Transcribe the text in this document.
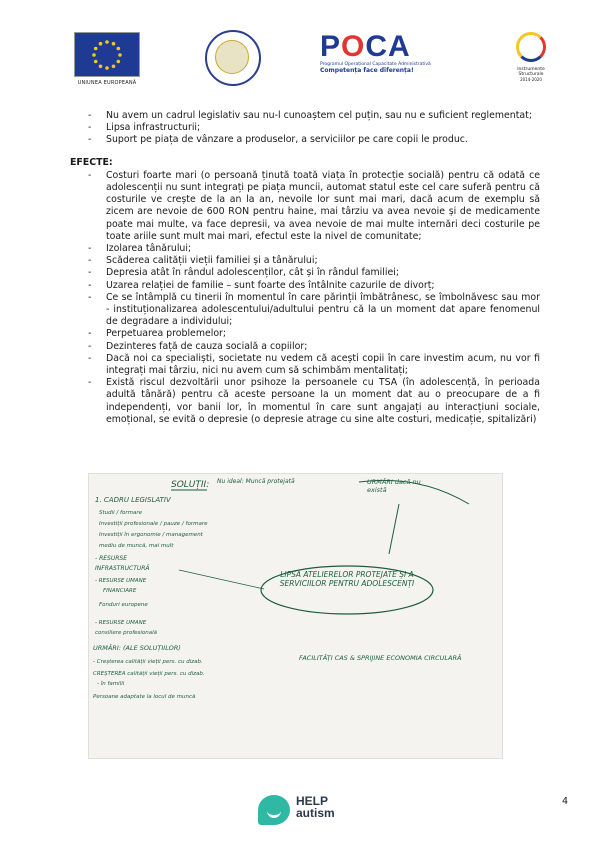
UNIUNEA EUROPEANĂ
POCA
Programul Operațional Capacitate Administrativă
Competența face diferența!	Instrumente Structurale
2014-2020
- Nu avem un cadrul legislativ sau nu-l cunoaștem cel puțin, sau nu e suficient reglementat;
- Lipsa infrastructurii;
- Suport pe piața de vânzare a produselor, a serviciilor pe care copii le produc.
EFECTE:
- Costuri foarte mari (o persoană ținută toată viața în protecție socială) pentru că odată ce adolescenții nu sunt integrați pe piața muncii, automat statul este cel care suferă pentru că costurile ve crește de la an la an, nevoile lor sunt mai mari, dacă acum de exemplu să zicem are nevoie de 600 RON pentru haine, mai târziu va avea nevoie și de medicamente poate mai multe, va face depresii, va avea nevoie de mai multe internări deci costurile pe toate ariile sunt mult mai mari, efectul este la nivel de comunitate;
- Izolarea tânărului;
- Scăderea calității vieții familiei și a tânărului;
- Depresia atât în rândul adolescenților, cât și în rândul familiei;
- Uzarea relației de familie – sunt foarte des întâlnite cazurile de divorț;
- Ce se întâmplă cu tinerii în momentul în care părinții îmbătrânesc, se îmbolnăvesc sau mor - instituționalizarea adolescentului/adultului pentru că la un moment dat apare fenomenul de degradare a individului;
- Perpetuarea problemelor;
- Dezinteres față de cauza socială a copiilor;
- Dacă noi ca specialiști, societate nu vedem că acești copii în care investim acum, nu vor fi integrați mai târziu, nici nu avem cum să schimbăm mentalitați;
- Există riscul dezvoltării unor psihoze la persoanele cu TSA (în adolescență, în perioada adultă tânără) pentru că aceste persoane la un moment dat au o preocupare de a fi independenți, vor banii lor, în momentul în care sunt angajați au interacțiuni sociale, emoțional, se evită o depresie (o depresie atrage cu sine alte costuri, medicație, spitalizări)
SOLUȚII: Nu ideal: Muncă protejată
1. CADRU LEGISLATIV
Studii / formare
Investiții profesionale / pauze / formare
Investiții în ergonomie / management
mediu de muncă, mai mult
- RESURSE
INFRASTRUCTURĂ
- RESURSE UMANE
FINANCIARE
Fonduri europene
- RESURSE UMANE
consiliere profesională
URMĂRI: (ALE SOLUȚIILOR)
- Creșterea calității vieții pers. cu dizab.
CREȘTEREA calității vieții pers. cu dizab.
- în familii
Persoane adaptate la locul de muncă
LIPSA ATELIERELOR PROTEJATE ȘI A SERVICIILOR PENTRU ADOLESCENȚI
URMĂRI dacă nu există
FACILITĂȚI CAS & SPRIJINE ECONOMIA CIRCULARĂ
HELP
autism
4
